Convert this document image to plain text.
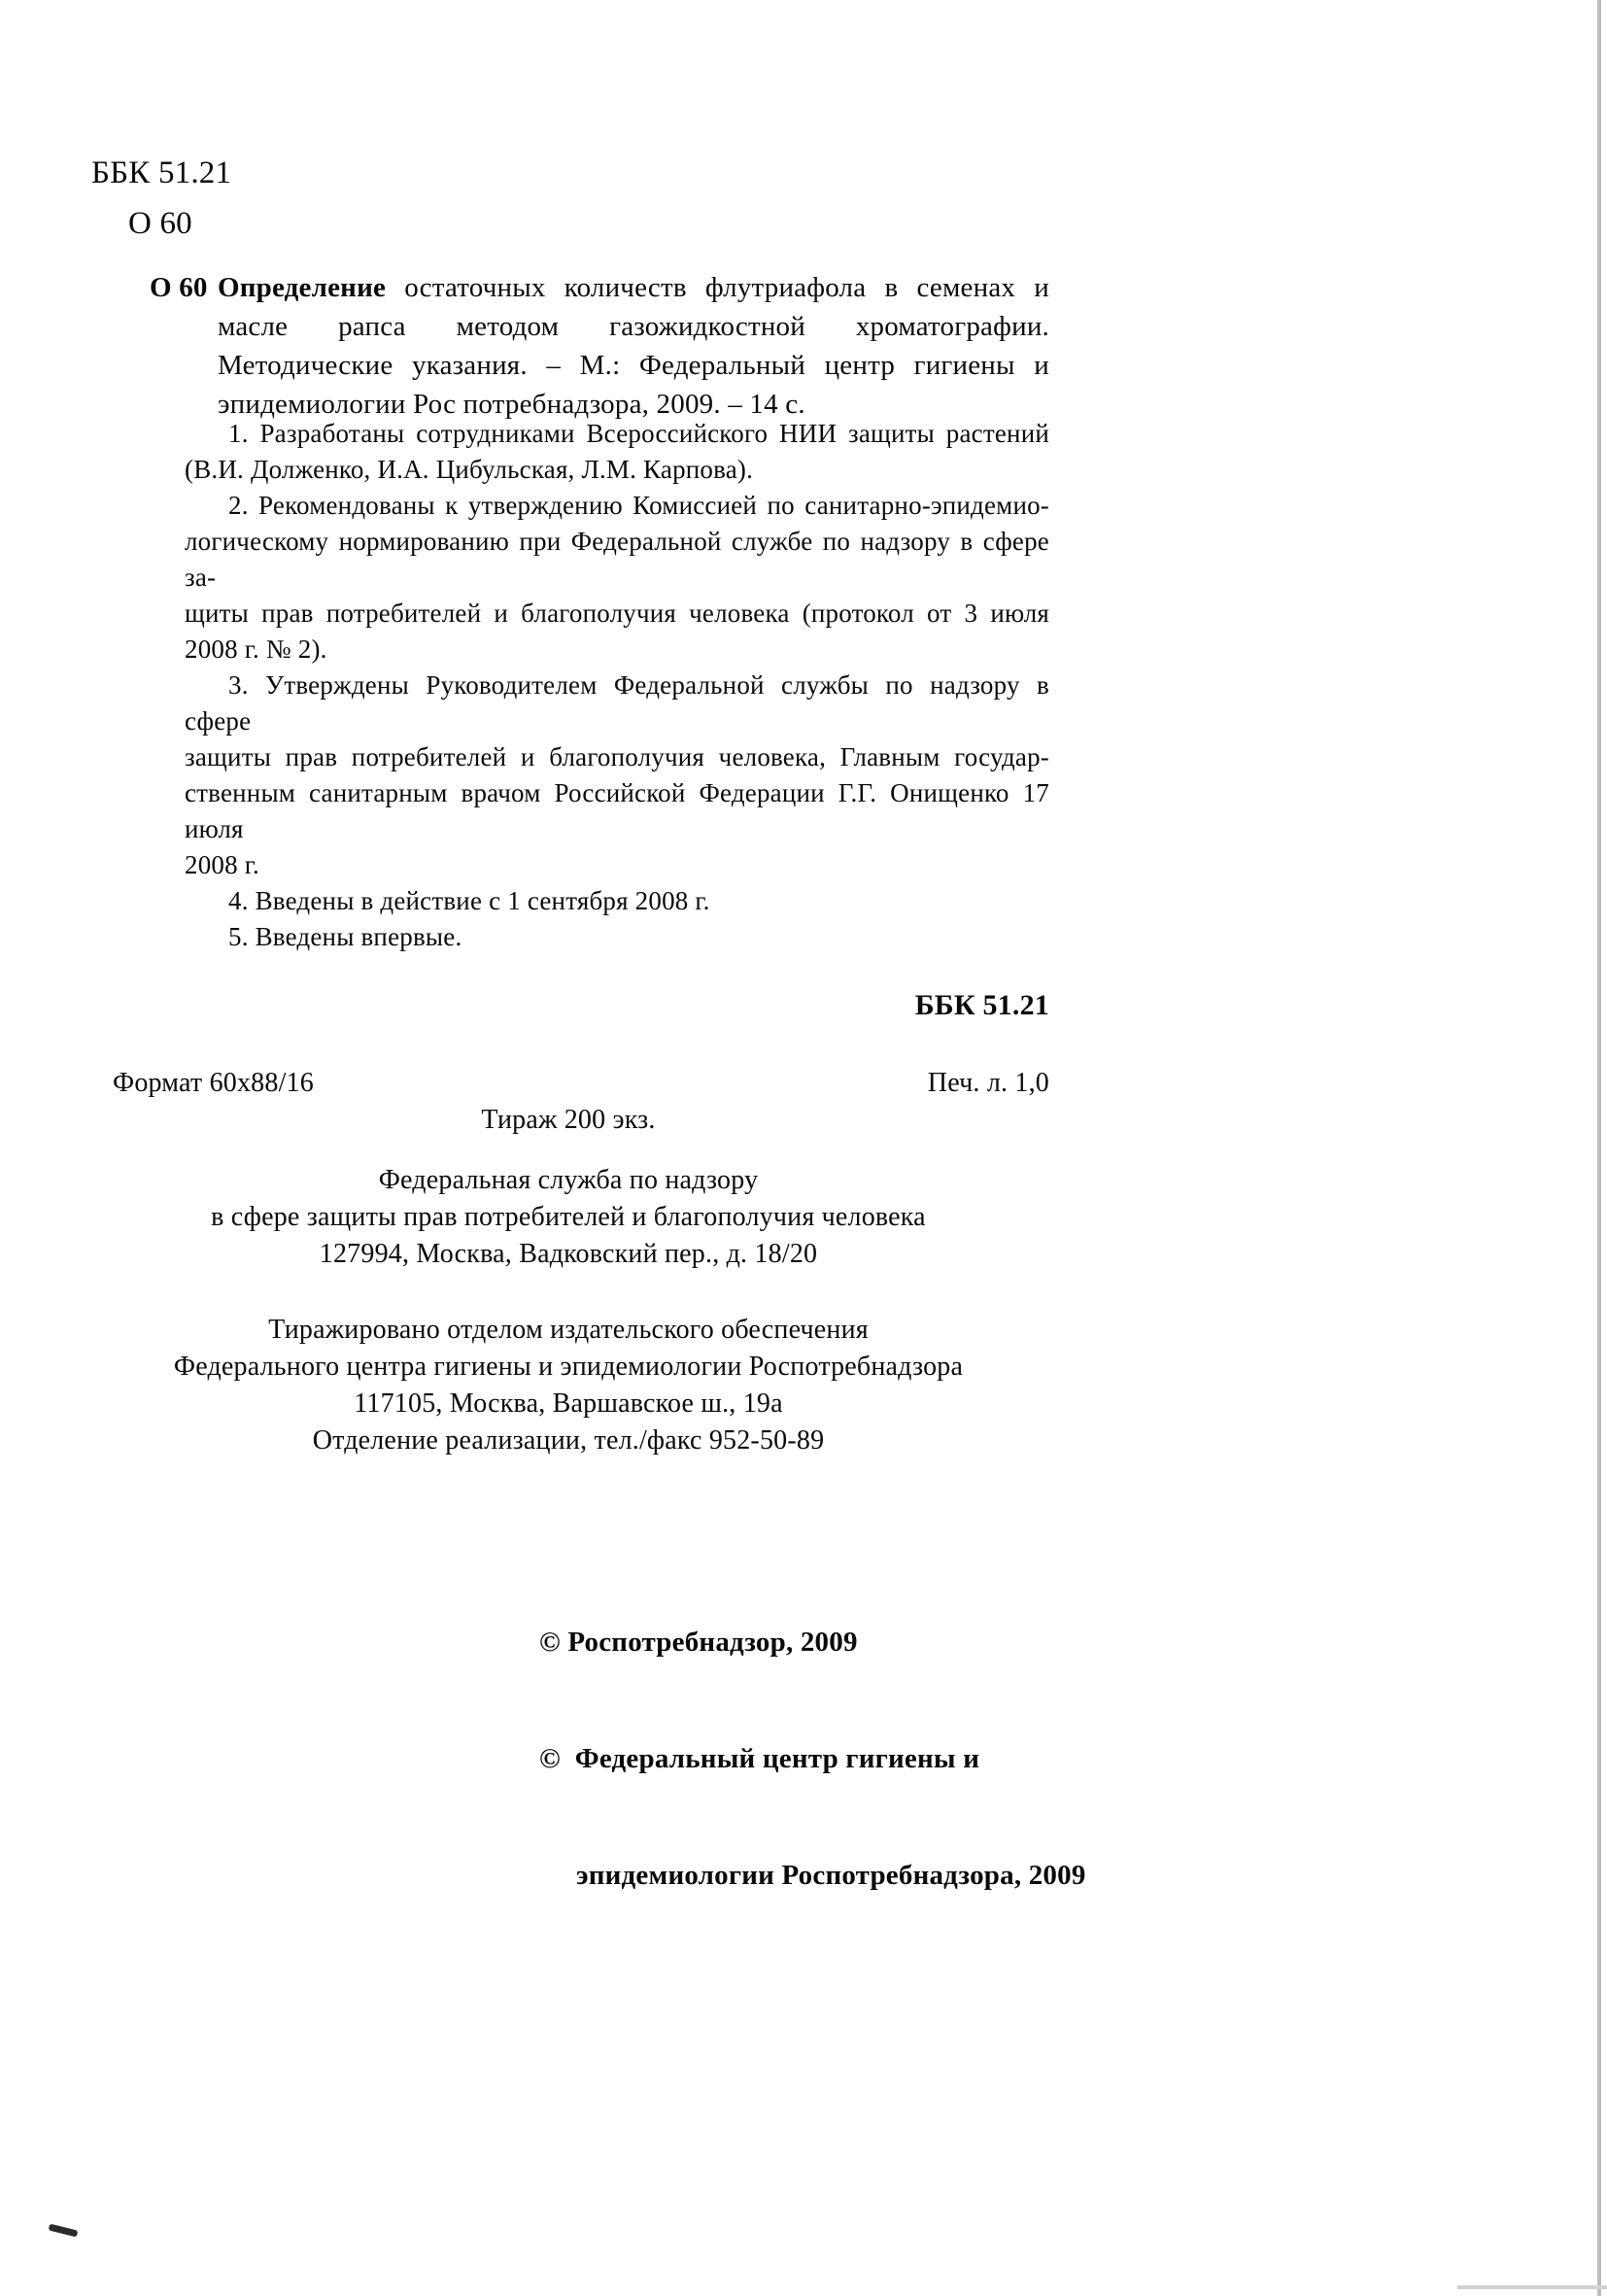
ББК 51.21
О 60
О 60 Определение остаточных количеств флутриафола в семенах и
масле рапса методом газожидкостной хроматографии.
Методические указания. – М.: Федеральный центр гигиены и
эпидемиологии Рос потребнадзора, 2009. – 14 с.
1. Разработаны сотрудниками Всероссийского НИИ защиты растений
(В.И. Долженко, И.А. Цибульская, Л.М. Карпова).
2. Рекомендованы к утверждению Комиссией по санитарно-эпидемио-
логическому нормированию при Федеральной службе по надзору в сфере за-
щиты прав потребителей и благополучия человека (протокол от 3 июля
2008 г. № 2).
3. Утверждены Руководителем Федеральной службы по надзору в сфере
защиты прав потребителей и благополучия человека, Главным государ-
ственным санитарным врачом Российской Федерации Г.Г. Онищенко 17 июля
2008 г.
4. Введены в действие с 1 сентября 2008 г.
5. Введены впервые.
ББК 51.21
Формат 60х88/16	Печ. л. 1,0
Тираж 200 экз.
Федеральная служба по надзору
в сфере защиты прав потребителей и благополучия человека
127994, Москва, Вадковский пер., д. 18/20
Тиражировано отделом издательского обеспечения
Федерального центра гигиены и эпидемиологии Роспотребнадзора
117105, Москва, Варшавское ш., 19а
Отделение реализации, тел./факс 952-50-89

© Роспотребнадзор, 2009

©  Федеральный центр гигиены и

эпидемиологии Роспотребнадзора, 2009
